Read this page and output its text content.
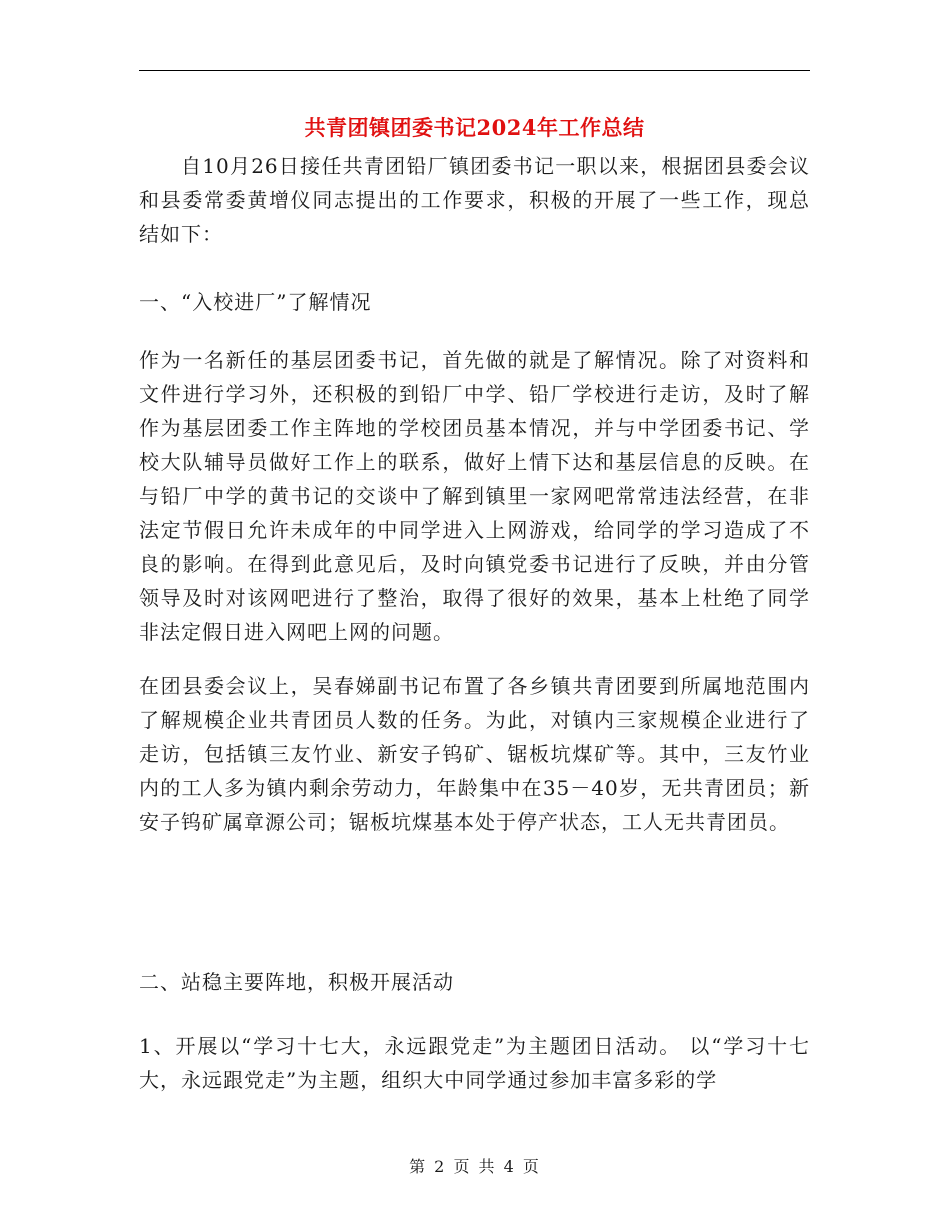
共青团镇团委书记2024年工作总结

自10月26日接任共青团铅厂镇团委书记一职以来，根据团县委会议和县委常委黄增仪同志提出的工作要求，积极的开展了一些工作，现总结如下：

一、“入校进厂”了解情况

作为一名新任的基层团委书记，首先做的就是了解情况。除了对资料和文件进行学习外，还积极的到铅厂中学、铅厂学校进行走访，及时了解作为基层团委工作主阵地的学校团员基本情况，并与中学团委书记、学校大队辅导员做好工作上的联系，做好上情下达和基层信息的反映。在与铅厂中学的黄书记的交谈中了解到镇里一家网吧常常违法经营，在非法定节假日允许未成年的中同学进入上网游戏，给同学的学习造成了不良的影响。在得到此意见后，及时向镇党委书记进行了反映，并由分管领导及时对该网吧进行了整治，取得了很好的效果，基本上杜绝了同学非法定假日进入网吧上网的问题。

在团县委会议上，吴春娣副书记布置了各乡镇共青团要到所属地范围内了解规模企业共青团员人数的任务。为此，对镇内三家规模企业进行了走访，包括镇三友竹业、新安子钨矿、锯板坑煤矿等。其中，三友竹业内的工人多为镇内剩余劳动力，年龄集中在35－40岁，无共青团员；新安子钨矿属章源公司；锯板坑煤基本处于停产状态，工人无共青团员。

二、站稳主要阵地，积极开展活动

1、开展以“学习十七大，永远跟党走”为主题团日活动。 以“学习十七大，永远跟党走”为主题，组织大中同学通过参加丰富多彩的学

第 2 页 共 4 页
